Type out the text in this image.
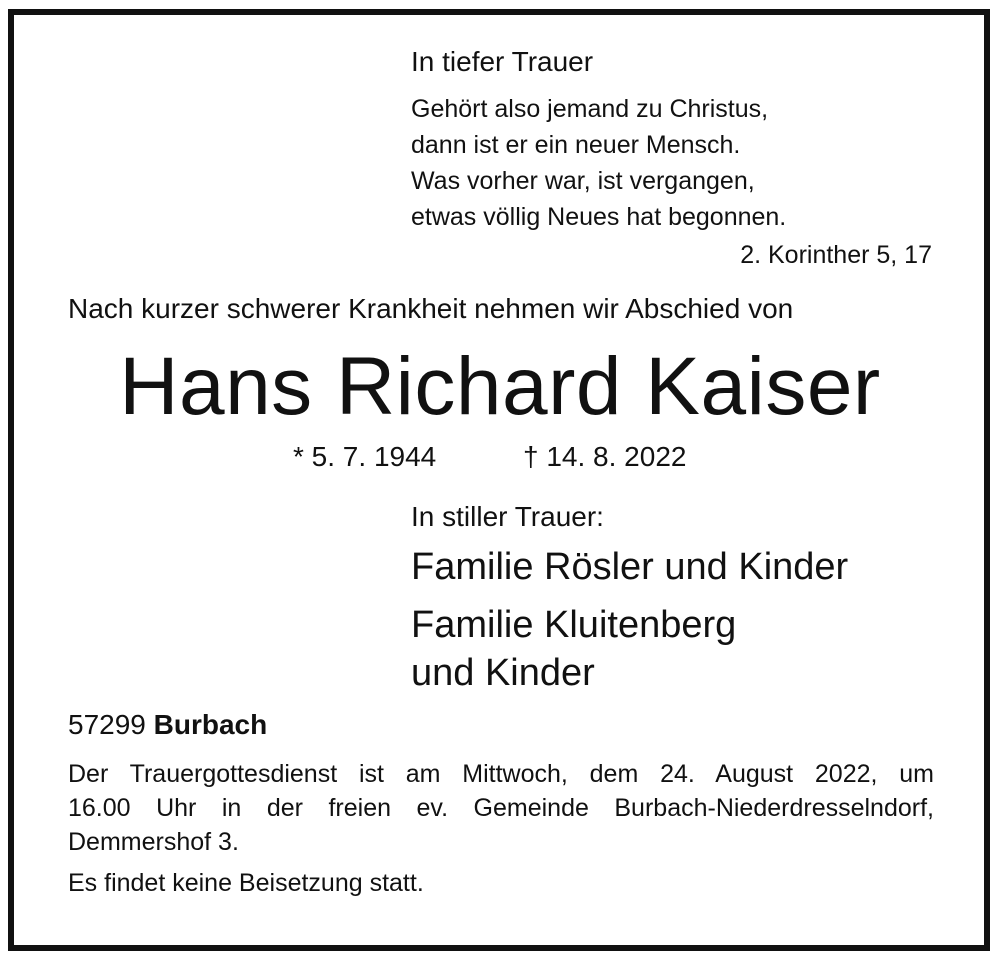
In tiefer Trauer

Gehört also jemand zu Christus,
dann ist er ein neuer Mensch.
Was vorher war, ist vergangen,
etwas völlig Neues hat begonnen.

2. Korinther 5, 17

Nach kurzer schwerer Krankheit nehmen wir Abschied von

Hans Richard Kaiser

* 5. 7. 1944	† 14. 8. 2022

In stiller Trauer:

Familie Rösler und Kinder

Familie Kluitenberg

und Kinder

57299 Burbach

Der Trauergottesdienst ist am Mittwoch, dem 24. August 2022, um
16.00 Uhr in der freien ev. Gemeinde Burbach-Niederdresselndorf,
Demmershof 3.

Es findet keine Beisetzung statt.
